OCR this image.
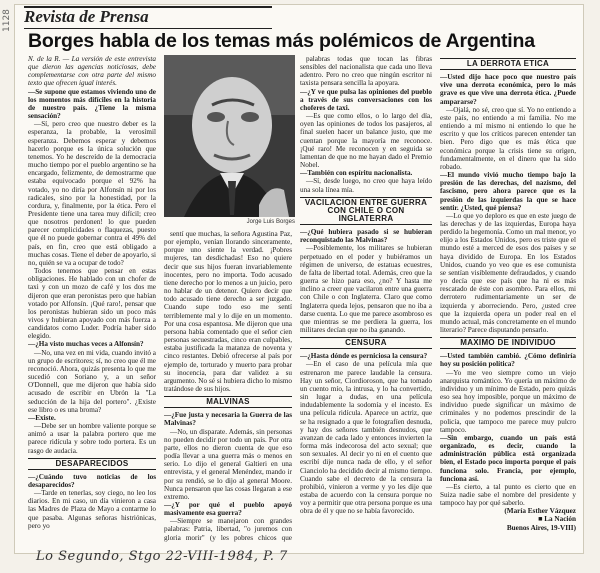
1128 Revista de Prensa
Borges habla de los temas más polémicos de Argentina

N. de la R. — La versión de este entrevista que dieron las agencias noticiosas, debe complementarse con otra parte del mismo texto que ofrecen igual interés.

—Se supone que estamos viviendo uno de los momentos más difíciles en la historia de nuestro país. ¿Tiene la misma sensación?

—Sí, pero creo que nuestro deber es la esperanza, la probable, la verosímil esperanza. Debemos esperar y debemos hacerlo porque es la única solución que tenemos. Yo he descreído de la democracia mucho tiempo por el pueblo argentino se ha encargado, felizmente, de demostrarme que estaba equivocado porque el 92% ha votado, yo no diría por Alfonsín ni por los radicales, sino por la honestidad, por la cordura, y, finalmente, por la ética. Pero el Presidente tiene una tarea muy difícil; creo que nosotros perdonen! lo que pueden parecer complicidades o flaquezas, puesto que él no puede gobernar contra el 49% del país, en fin, creo que está obligado a muchas cosas. Tiene el deber de apoyarlo, si no, quién se va a ocupar de todo?

Todos tenemos que pensar en estas obligaciones. He hablado con un chofer de taxi y con un mozo de café y los dos me dijeron que eran peronistas pero que habían votado por Alfonsín. ¡Qué raro!, pensar que los peronistas hubieran sido un poco más vivos y hubieran apoyado con más fuerza a candidatos como Luder. Podría haber sido elegido.

—¿Ha visto muchas veces a Alfonsín?

—No, una vez en mi vida, cuando invitó a un grupo de escritores; sí, no creo que él me reconoció. Ahora, quizás presenta lo que me sucedió con Soriano y, a un señor O'Donnell, que me dijeron que había sido acusado de escribir en Ubrón la "La seducción de la hija del portero". ¿Existe ese libro o es una broma?

—Existe.

—Debe ser un hombre valiente porque se animó a usar la palabra portero que me parece ridícula y sobre todo portera. Es un rasgo de audacia.

DESAPARECIDOS

—¿Cuándo tuvo noticias de los desaparecidos?

—Tarde en tenerlas, soy ciego, no leo los diarios. En mi caso, un día vinieron a casa las Madres de Plaza de Mayo a contarme lo que pasaba. Algunas señoras histriónicas, pero yo

Jorge Luis Borges

sentí que muchas, la señora Agustina Paz, por ejemplo, venían llorando sinceramente, porque uno siente la verdad. ¡Pobres mujeres, tan desdichadas! Eso no quiere decir que sus hijos fueran invariablemente inocentes, pero no importa. Todo acusado tiene derecho por lo menos a un juicio, pero no hablar de un detenor. Quiero decir que todo acusado tiene derecho a ser juzgado. Cuando supe todo eso me sentí terriblemente mal y lo dije en un momento. Por una cosa espantosa. Me dijeron que una persona había comentado que el señor cien personas secuestradas, cinco eran culpables, estaba justificada la matanza de noventa y cinco restantes. Debió ofrecerse al país por ejemplo de, torturado y muerto para probar su inocencia, para dar validez a su argumento. No sé si hubiera dicho lo mismo tratándose de sus hijos.

MALVINAS

—¿Fue justa y necesaria la Guerra de las Malvinas?

—No, un disparate. Además, sin personas no pueden decidir por todo un país. Por otra parte, ellos no dieron cuenta de que eso podía llevar a una guerra más o menos en serio. Lo dijo el general Galtieri en una entrevista, y el general Menéndez, mando ir por su rendió, se lo dijo al general Moore. Nunca pensaron que las cosas llegaran a ese extremo.

—¿Y por qué el pueblo apoyó masivamente esa guerra?

—Siempre se manejaron con grandes palabras: Patria, libertad, "o juremos con gloria morir" (y les pobres chicos que

palabras todas que tocan las fibras sensibles del nacionalista que cada uno lleva adentro. Pero no creo que ningún escritor ni taxista pensara sencilla la apoyara.

—¿Y ve que pulsa las opiniones del pueblo a través de sus conversaciones con los choferes de taxi.

—Es que como ellos, o lo largo del día, oyen las opiniones de todos los pasajeros, al final suelen hacer un balance justo, que me cuentan porque la mayoría me reconoce. ¡Qué raro! Me reconocen y en seguida se lamentan de que no me hayan dado el Premio Nobel.

—También con espíritu nacionalista.

—Sí, desde luego, no creo que haya leído una sola línea mía.

VACILACION ENTRE GUERRA CON CHILE O CON INGLATERRA

—¿Qué hubiera pasado si se hubieran reconquistado las Malvinas?

—Posiblemente, los militares se hubieran perpetuado en el poder y hubiéramos un régimen de universo, de estatuas ecuestres, de falta de libertad total. Además, creo que la guerra se hizo para eso, ¿no? Y hasta me inclino a creer que vacilaron entre una guerra con Chile o con Inglaterra. Claro que como Inglaterra queda lejos, pensaron que no iba a darse cuenta. Lo que me parece asombroso es que mientras se me perdiera la guerra, los militares decían que no iba ganando.

CENSURA

—¿Hasta dónde es perniciosa la censura?

—En el caso de una película mía que estrenaron me parece laudable la censura. Hay un señor, Ciordioroson, que ha tomado un cuento mío, la intrusa, y lo ha convertido, sin lugar a dudas, en una película indudablemente la sodomía y el incesto. Es una película ridícula. Aparece un actriz, que se ha resignado a que le fotografíen desnuda, y hay dos señores también desnudos, que avanzan de cada lado y entonces invierten la forma más indecorosa del acto sexual; que son sexuales. Al decir yo ni en el cuento que escribí dije nunca nada de ello, y el señor Cianciolo ha decidido decir al mismo tiempo. Cuando sabe el decreto de la censura la prohibió, vinieron a verme y yo les dije que estaba de acuerdo con la censura porque no voy a permitir que otra persona porque es una obra de él y que no se había favorecido.

LA DERROTA ETICA

—Usted dijo hace poco que nuestro país vive una derrota económica, pero lo más grave es que vive una derrota ética. ¿Puede ampararse?

—Ojalá, no sé, creo que sí. Yo no entiendo a este país, no entiendo a mi familia. No me entiendo a mí mismo ni entiendo lo que he escrito y que los críticos parecen entender tan bien. Pero digo que es más ética que económica porque la crisis tiene su origen, fundamentalmente, en el dinero que ha sido robado.

—El mundo vivió mucho tiempo bajo la presión de las derechas, del nazismo, del fascismo, pero ahora parece que es la presión de las izquierdas la que se hace sentir. ¿Usted, qué piensa?

—Lo que yo deploro es que en este juego de las derechas y de las izquierdas, Europa haya perdido la hegemonía. Como un mal menor, yo elijo a los Estados Unidos, pero es triste que el mundo esté a merced de esos dos países y se haya dividido de Europa. En los Estados Unidos, cuando yo veo que es ese comunista se sentían visiblemente defraudados, y cuando yo decía que ese país que ha ni es más rescatado de éste con asombro. Para ellos, mi derrotero rudimentariamente un ser de izquierda y aborreciendo. Pero, ¿usted cree que la izquierda opera un poder real en el mundo actual, más concretamente en el mundo literario? Parece disputando pensarlo.

MAXIMO DE INDIVIDUO

—Usted también cambió. ¿Cómo definiría hoy su posición política?

—Yo me veo siempre como un viejo anarquista romántico. Yo quería un máximo de individuo y un mínimo de Estado, pero quizás eso sea hoy imposible, porque un máximo de individuo puede significar un máximo de criminales y no podemos prescindir de la policía, que tampoco me parece muy pulcro tampoco.

—Sin embargo, cuando un país está organizado, es decir, cuando la administración pública está organizada bien, el Estado poco importa porque el país funciona solo. Francia, por ejemplo, funciona así.

—Es cierto, a tal punto es cierto que en Suiza nadie sabe el nombre del presidente y tampoco hay por qué saberlo.

(María Esther Vázquez

■ La Nación

Buenos Aires, 19-VIII)

Lo Segundo, Stgo 22-VIII-1984, P. 7
